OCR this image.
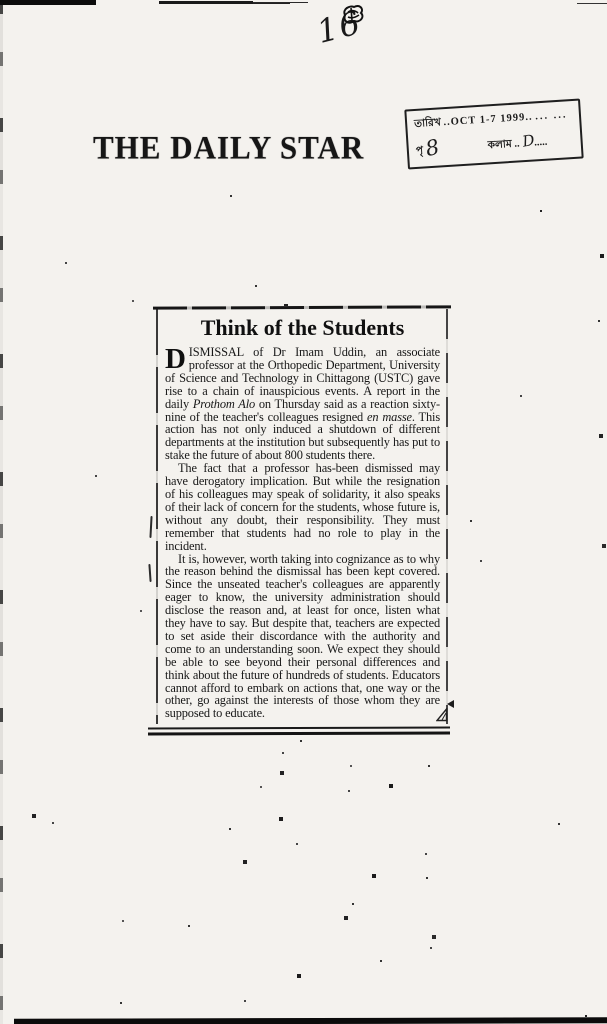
16
THE DAILY STAR
তারিখ ..OCT 1-7 1999.. ... ...
পৃ 8	কলাম .. D.....
Think of the Students

DISMISSAL of Dr Imam Uddin, an associate professor at the Orthopedic Department, University of Science and Technology in Chittagong (USTC) gave rise to a chain of inauspicious events. A report in the daily Prothom Alo on Thursday said as a reaction sixty-nine of the teacher's colleagues resigned en masse. This action has not only induced a shutdown of different departments at the institution but subsequently has put to stake the future of about 800 students there.

The fact that a professor has-been dismissed may have derogatory implication. But while the resignation of his colleagues may speak of solidarity, it also speaks of their lack of concern for the students, whose future is, without any doubt, their responsibility. They must remember that students had no role to play in the incident.

It is, however, worth taking into cognizance as to why the reason behind the dismissal has been kept covered. Since the unseated teacher's colleagues are apparently eager to know, the university administration should disclose the reason and, at least for once, listen what they have to say. But despite that, teachers are expected to set aside their discordance with the authority and come to an understanding soon. We expect they should be able to see beyond their personal differences and think about the future of hundreds of students. Educators cannot afford to embark on actions that, one way or the other, go against the interests of those whom they are supposed to educate.
